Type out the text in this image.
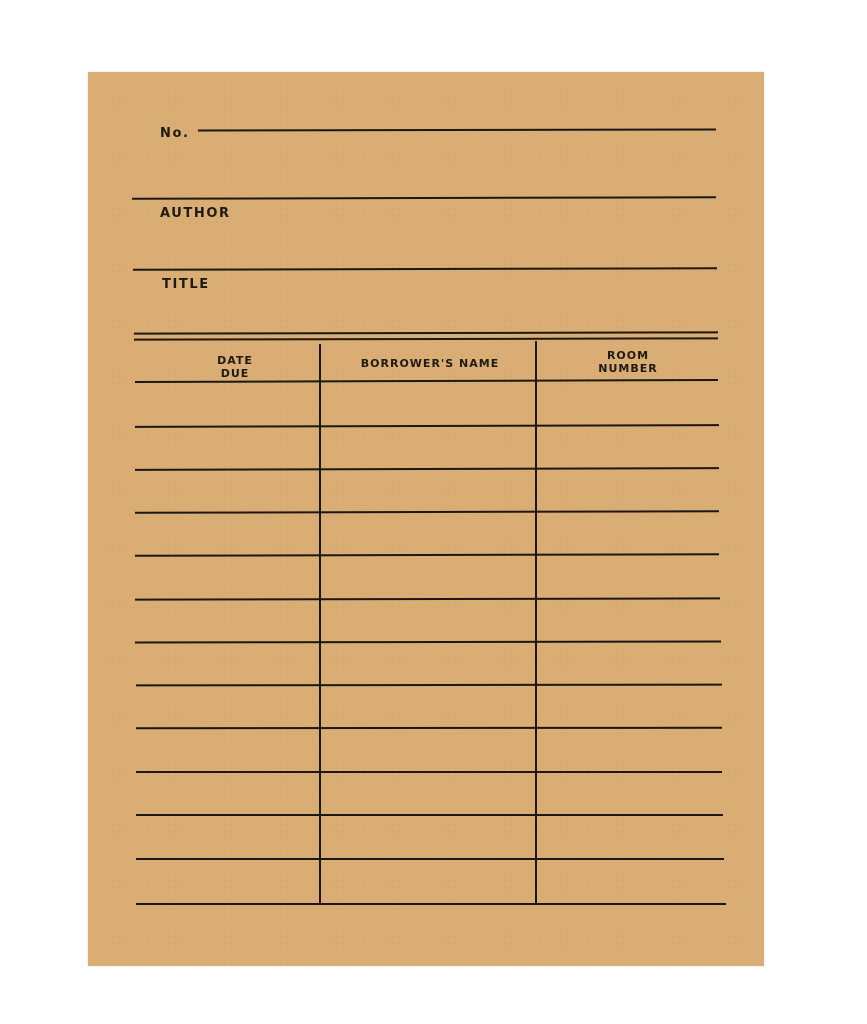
No.
AUTHOR
TITLE
DATE
DUE
BORROWER'S NAME
ROOM
NUMBER
